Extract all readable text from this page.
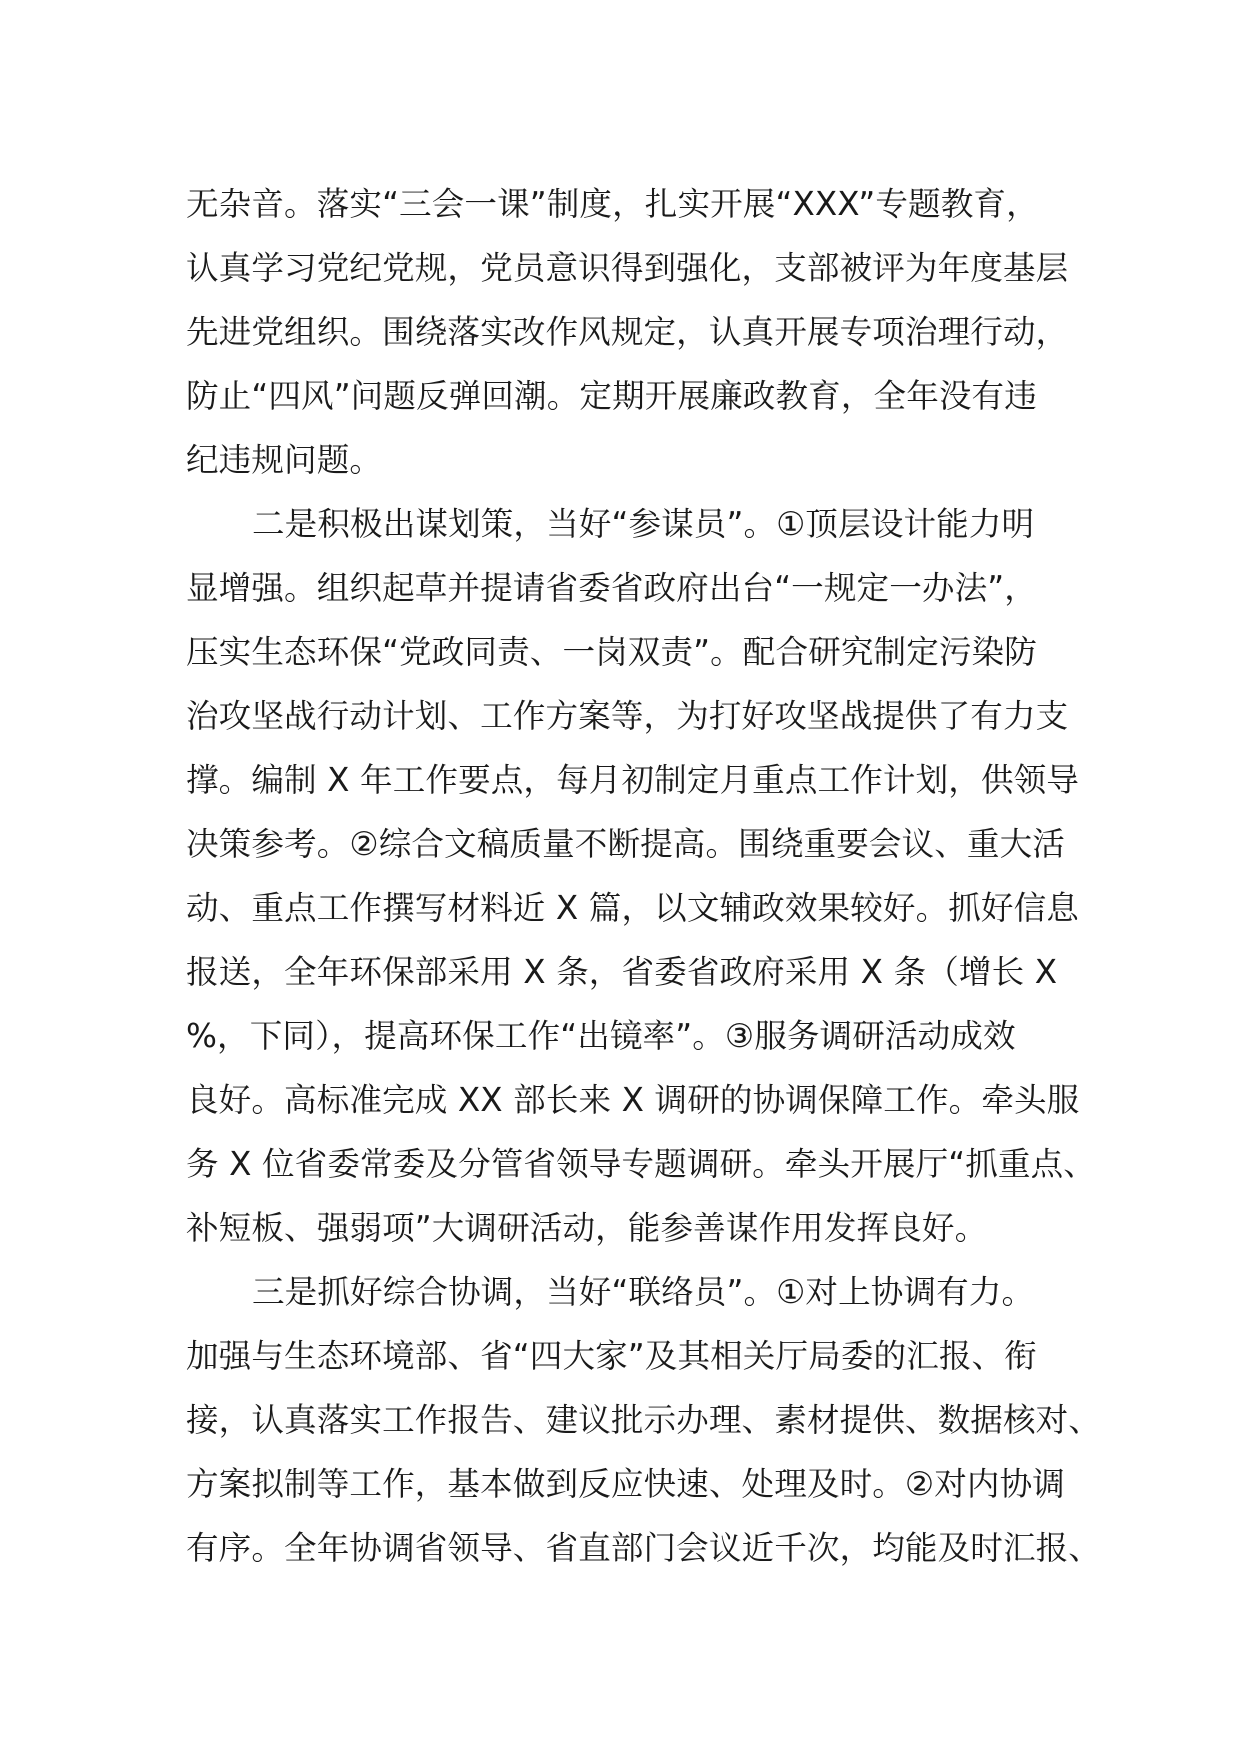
无杂音。落实“三会一课”制度，扎实开展“XXX”专题教育，

认真学习党纪党规，党员意识得到强化，支部被评为年度基层

先进党组织。围绕落实改作风规定，认真开展专项治理行动，

防止“四风”问题反弹回潮。定期开展廉政教育，全年没有违

纪违规问题。

二是积极出谋划策，当好“参谋员”。①顶层设计能力明

显增强。组织起草并提请省委省政府出台“一规定一办法”，

压实生态环保“党政同责、一岗双责”。配合研究制定污染防

治攻坚战行动计划、工作方案等，为打好攻坚战提供了有力支

撑。编制 X 年工作要点，每月初制定月重点工作计划，供领导

决策参考。②综合文稿质量不断提高。围绕重要会议、重大活

动、重点工作撰写材料近 X 篇，以文辅政效果较好。抓好信息

报送，全年环保部采用 X 条，省委省政府采用 X 条（增长 X

%，下同），提高环保工作“出镜率”。③服务调研活动成效

良好。高标准完成 XX 部长来 X 调研的协调保障工作。牵头服

务 X 位省委常委及分管省领导专题调研。牵头开展厅“抓重点、

补短板、强弱项”大调研活动，能参善谋作用发挥良好。

三是抓好综合协调，当好“联络员”。①对上协调有力。

加强与生态环境部、省“四大家”及其相关厅局委的汇报、衔

接，认真落实工作报告、建议批示办理、素材提供、数据核对、

方案拟制等工作，基本做到反应快速、处理及时。②对内协调

有序。全年协调省领导、省直部门会议近千次，均能及时汇报、
